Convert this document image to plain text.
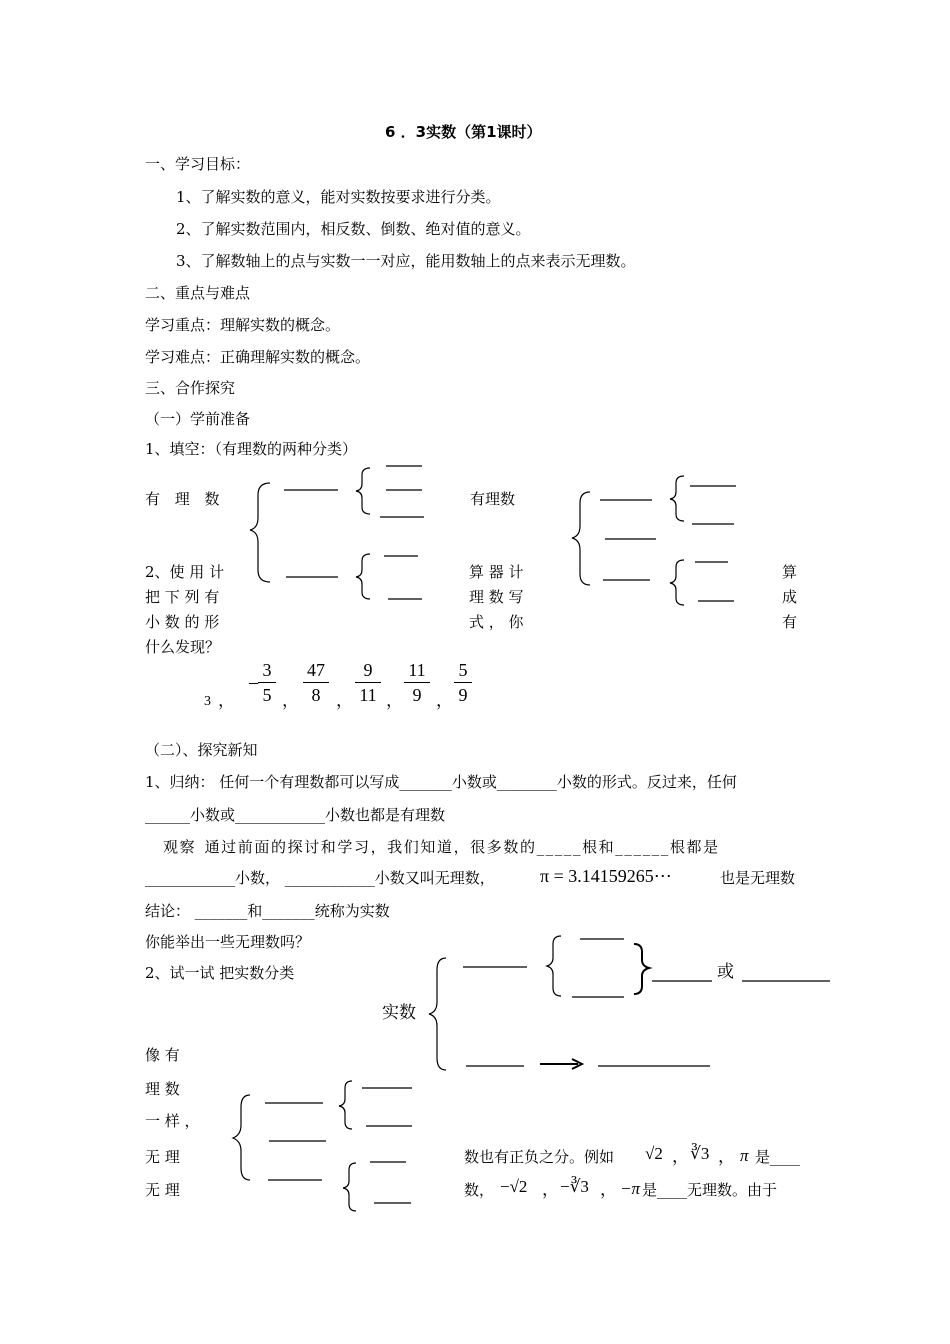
6 ．3实数（第1课时）
一、学习目标：
1、了解实数的意义，能对实数按要求进行分类。
2、了解实数范围内，相反数、倒数、绝对值的意义。
3、了解数轴上的点与实数一一对应，能用数轴上的点来表示无理数。
二、重点与难点
学习重点：理解实数的概念。
学习难点：正确理解实数的概念。
三、合作探究
（一）学前准备
1、填空：（有理数的两种分类）
有 理 数	有理数
2、使 用 计
把 下 列 有
小 数 的 形
什么发现？
算 器 计
理 数 写
式 ， 你
算
成
有
3 ，
−
3
5 ，
47
8 ，
9
11 ，
11
9 ，
5
9
（二）、探究新知
1、归纳： 任何一个有理数都可以写成_______小数或________小数的形式。反过来，任何
______小数或____________小数也都是有理数
观察 通过前面的探讨和学习，我们知道，很多数的_____根和______根都是
____________小数， ____________小数又叫无理数，	π = 3.14159265⋯	也是无理数
结论： _______和_______统称为实数
你能举出一些无理数吗？
2、试一试 把实数分类
实数
或
像 有
理 数
一 样 ，
无 理
无 理
数也有正负之分。例如 √2 ， ∛3 ， π 是____
数， −√2 ， −∛3 ， −π 是____无理数。由于
